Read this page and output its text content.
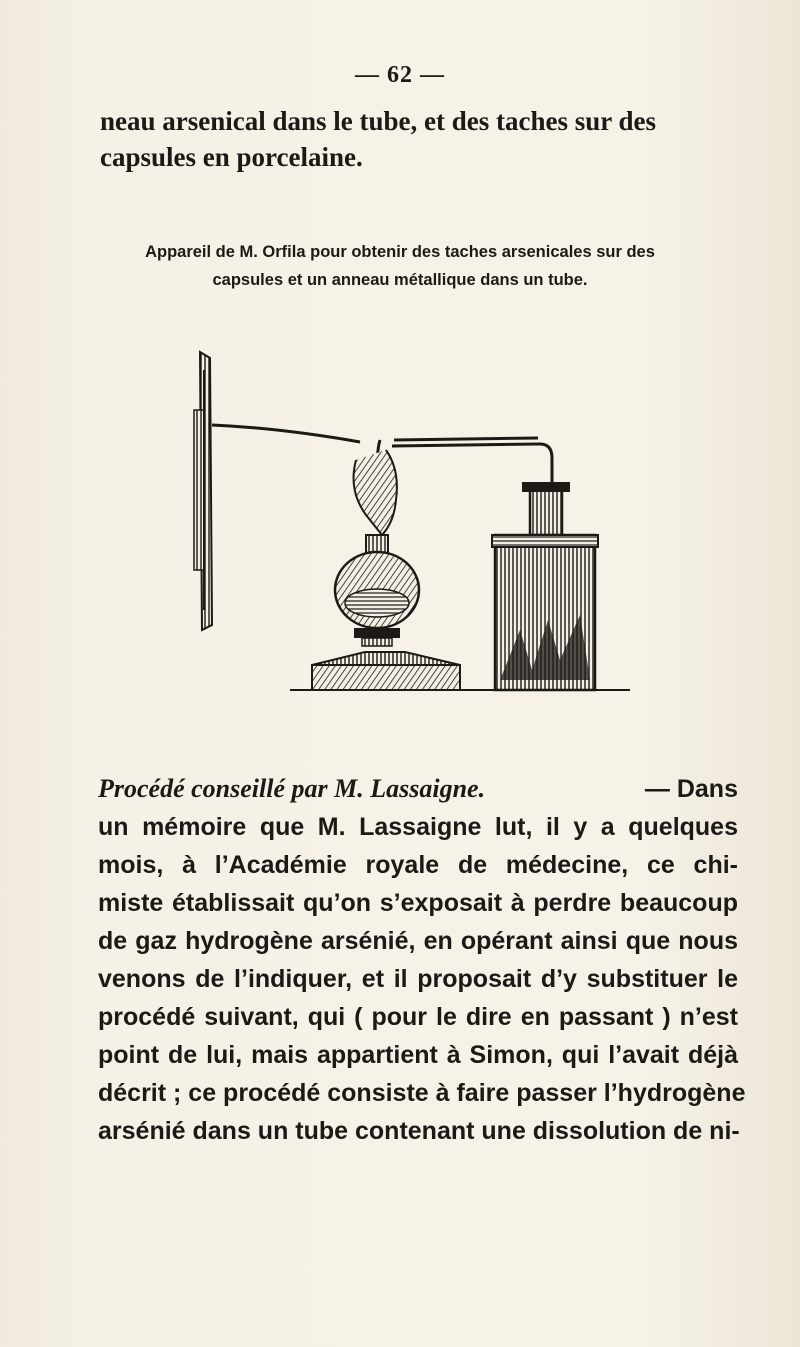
— 62 —
neau arsenical dans le tube, et des taches sur des
capsules en porcelaine.
Appareil de M. Orfila pour obtenir des taches arsenicales sur des
capsules et un anneau métallique dans un tube.
Procédé conseillé par M. Lassaigne.	— Dans
un mémoire que M. Lassaigne lut, il y a quelques
mois, à l’Académie royale de médecine, ce chi-
miste établissait qu’on s’exposait à perdre beaucoup
de gaz hydrogène arsénié, en opérant ainsi que nous
venons de l’indiquer, et il proposait d’y substituer le
procédé suivant, qui ( pour le dire en passant ) n’est
point de lui, mais appartient à Simon, qui l’avait déjà
décrit ; ce procédé consiste à faire passer l’hydrogène
arsénié dans un tube contenant une dissolution de ni-
